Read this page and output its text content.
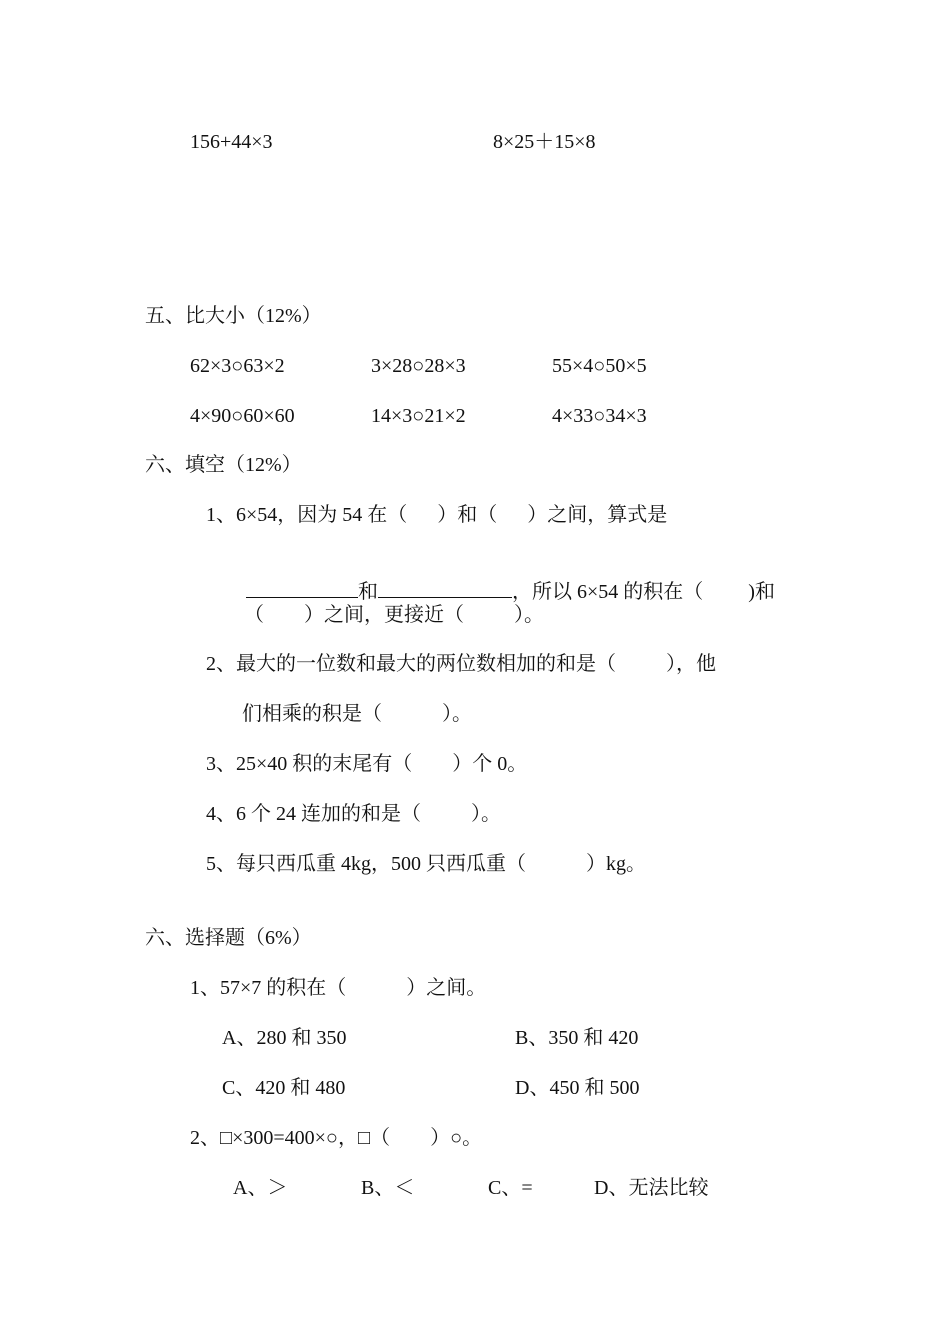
156+44×3	8×25＋15×8
五、比大小（12%）
62×3○63×2	3×28○28×3	55×4○50×5
4×90○60×60	14×3○21×2	4×33○34×3
六、填空（12%）
1、6×54，因为 54 在（      ）和（      ）之间，算式是

和	，所以 6×54 的积在（         )和

（        ）之间，更接近（          ）。
2、最大的一位数和最大的两位数相加的和是（          ），他
们相乘的积是（            ）。
3、25×40 积的末尾有（        ）个 0。
4、6 个 24 连加的和是（          ）。
5、每只西瓜重 4kg，500 只西瓜重（            ）kg。
六、选择题（6%）
1、57×7 的积在（            ）之间。
A、280 和 350	B、350 和 420
C、420 和 480	D、450 和 500
2、□×300=400×○，□（        ）○。
A、＞	B、＜	C、=	D、无法比较
